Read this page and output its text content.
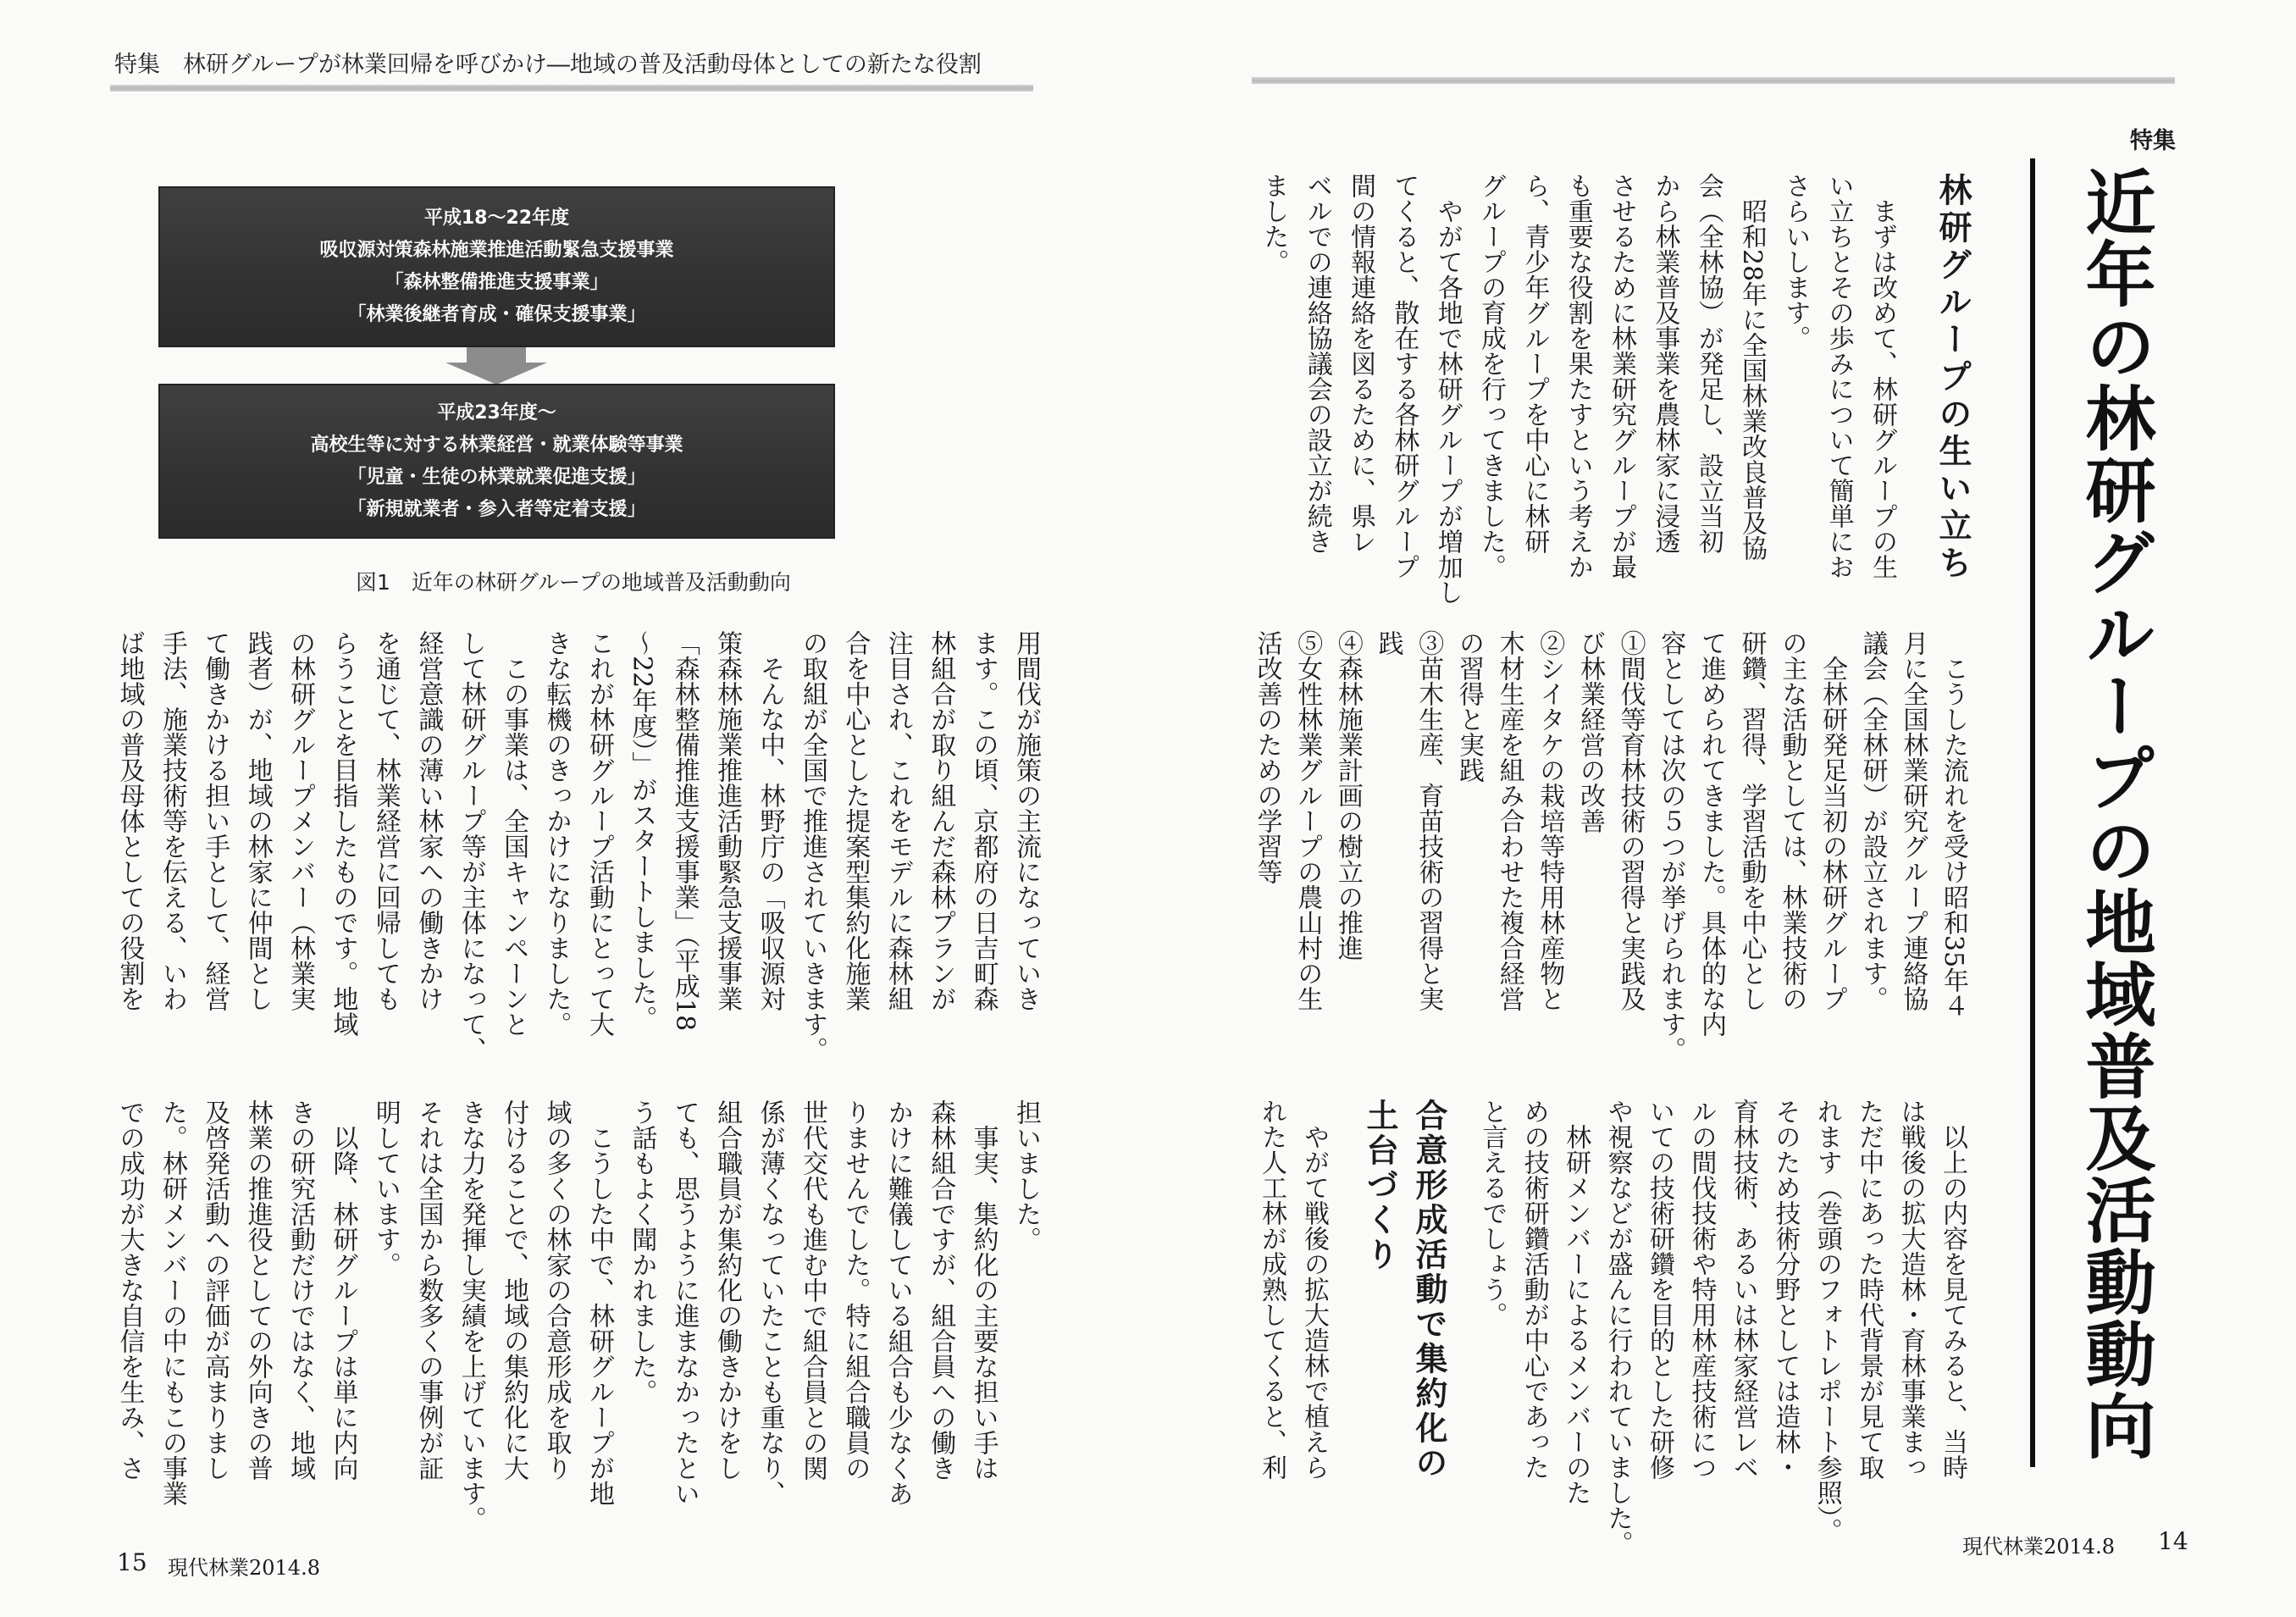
特集 林研グループが林業回帰を呼びかけ―地域の普及活動母体としての新たな役割
平成18～22年度
吸収源対策森林施業推進活動緊急支援事業
「森林整備推進支援事業」
「林業後継者育成・確保支援事業」
平成23年度～
高校生等に対する林業経営・就業体験等事業
「児童・生徒の林業就業促進支援」
「新規就業者・参入者等定着支援」
図1　近年の林研グループの地域普及活動動向
用間伐が施策の主流になっていき
ます。この頃、京都府の日吉町森
林組合が取り組んだ森林プランが
注目され、これをモデルに森林組
合を中心とした提案型集約化施業
の取組が全国で推進されていきます。
　そんな中、林野庁の「吸収源対
策森林施業推進活動緊急支援事業
「森林整備推進支援事業」（平成18
～22年度）」がスタートしました。
これが林研グループ活動にとって大
きな転機のきっかけになりました。
　この事業は、全国キャンペーンと
して林研グループ等が主体になって、
経営意識の薄い林家への働きかけ
を通じて、林業経営に回帰しても
らうことを目指したものです。地域
の林研グループメンバー（林業実
践者）が、地域の林家に仲間とし
て働きかける担い手として、経営
手法、施業技術等を伝える、いわ
ば地域の普及母体としての役割を
担いました。
　事実、集約化の主要な担い手は
森林組合ですが、組合員への働き
かけに難儀している組合も少なくあ
りませんでした。特に組合職員の
世代交代も進む中で組合員との関
係が薄くなっていたことも重なり、
組合職員が集約化の働きかけをし
ても、思うように進まなかったとい
う話もよく聞かれました。
　こうした中で、林研グループが地
域の多くの林家の合意形成を取り
付けることで、地域の集約化に大
きな力を発揮し実績を上げています。
それは全国から数多くの事例が証
明しています。
　以降、林研グループは単に内向
きの研究活動だけではなく、地域
林業の推進役としての外向きの普
及啓発活動への評価が高まりまし
た。林研メンバーの中にもこの事業
での成功が大きな自信を生み、さ
15 現代林業2014.8
特集
近年の林研グループの地域普及活動動向
林研グループの生い立ち
　まずは改めて、林研グループの生
い立ちとその歩みについて簡単にお
さらいします。
　昭和28年に全国林業改良普及協
会（全林協）が発足し、設立当初
から林業普及事業を農林家に浸透
させるために林業研究グループが最
も重要な役割を果たすという考えか
ら、青少年グループを中心に林研
グループの育成を行ってきました。
　やがて各地で林研グループが増加し
てくると、散在する各林研グループ
間の情報連絡を図るために、県レ
ベルでの連絡協議会の設立が続き
ました。
　こうした流れを受け昭和35年４
月に全国林業研究グループ連絡協
議会（全林研）が設立されます。
　全林研発足当初の林研グループ
の主な活動としては、林業技術の
研鑽、習得、学習活動を中心とし
て進められてきました。具体的な内
容としては次の５つが挙げられます。
①間伐等育林技術の習得と実践及
び林業経営の改善
②シイタケの栽培等特用林産物と
木材生産を組み合わせた複合経営
の習得と実践
③苗木生産、育苗技術の習得と実
践
④森林施業計画の樹立の推進
⑤女性林業グループの農山村の生
活改善のための学習等
　以上の内容を見てみると、当時
は戦後の拡大造林・育林事業まっ
ただ中にあった時代背景が見て取
れます（巻頭のフォトレポート参照）。
そのため技術分野としては造林・
育林技術、あるいは林家経営レベ
ルの間伐技術や特用林産技術につ
いての技術研鑽を目的とした研修
や視察などが盛んに行われていました。
　林研メンバーによるメンバーのた
めの技術研鑽活動が中心であった
と言えるでしょう。
合意形成活動で集約化の
土台づくり
　やがて戦後の拡大造林で植えら
れた人工林が成熟してくると、利
現代林業2014.8 14
